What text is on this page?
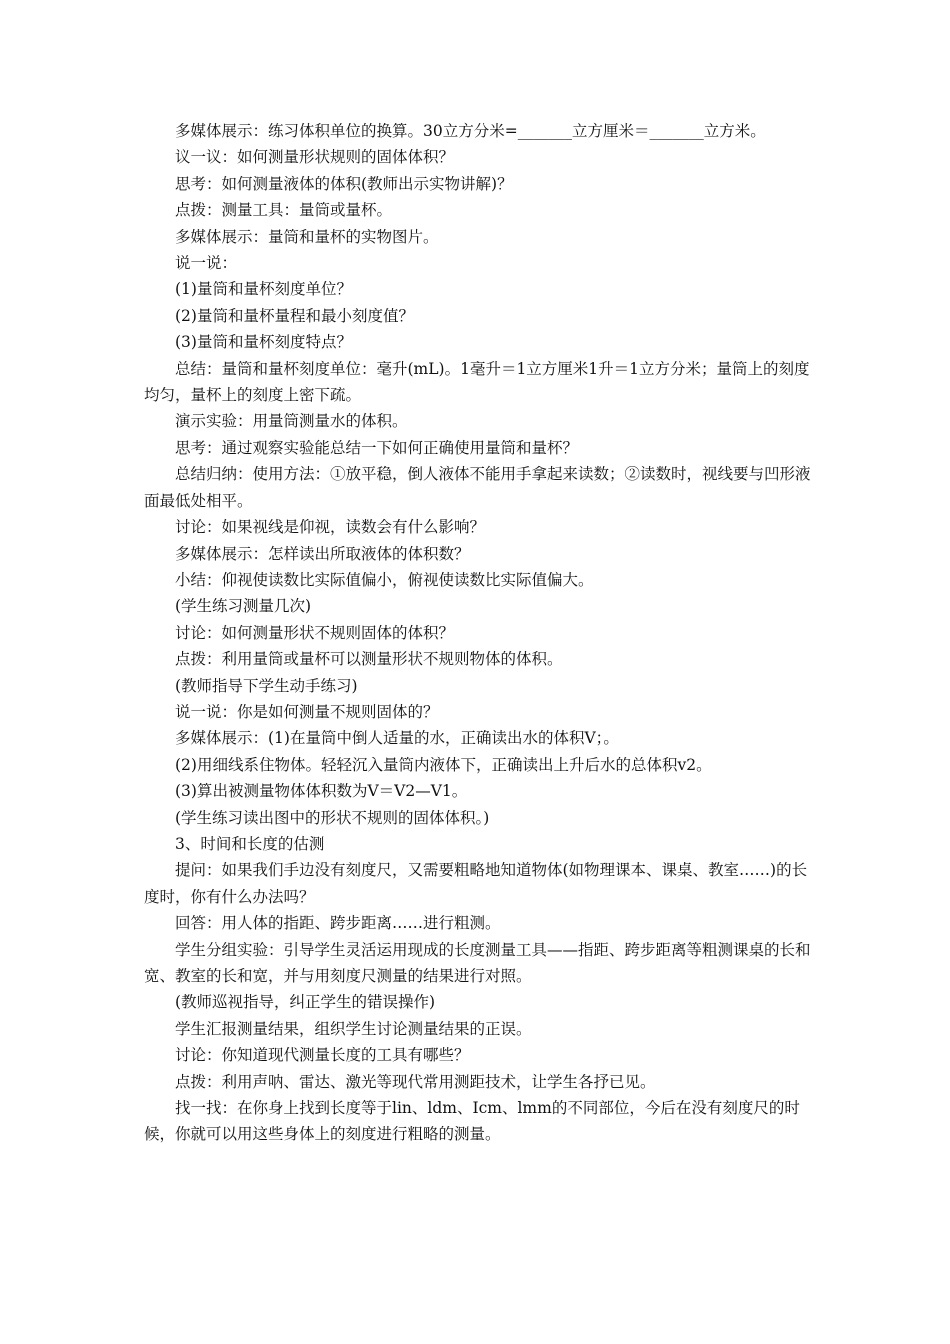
多媒体展示：练习体积单位的换算。30立方分米=_______立方厘米＝_______立方米。

议一议：如何测量形状规则的固体体积？

思考：如何测量液体的体积(教师出示实物讲解)？

点拨：测量工具：量筒或量杯。

多媒体展示：量筒和量杯的实物图片。

说一说：

(1)量筒和量杯刻度单位？

(2)量筒和量杯量程和最小刻度值？

(3)量筒和量杯刻度特点？

总结：量筒和量杯刻度单位：毫升(mL)。1毫升＝1立方厘米1升＝1立方分米；量筒上的刻度均匀，量杯上的刻度上密下疏。

演示实验：用量筒测量水的体积。

思考：通过观察实验能总结一下如何正确使用量筒和量杯？

总结归纳：使用方法：①放平稳，倒人液体不能用手拿起来读数；②读数时，视线要与凹形液面最低处相平。

讨论：如果视线是仰视，读数会有什么影响？

多媒体展示：怎样读出所取液体的体积数？

小结：仰视使读数比实际值偏小，俯视使读数比实际值偏大。

(学生练习测量几次)

讨论：如何测量形状不规则固体的体积？

点拨：利用量筒或量杯可以测量形状不规则物体的体积。

(教师指导下学生动手练习)

说一说：你是如何测量不规则固体的？

多媒体展示：(1)在量筒中倒人适量的水，正确读出水的体积V；。

(2)用细线系住物体。轻轻沉入量筒内液体下，正确读出上升后水的总体积v2。

(3)算出被测量物体体积数为V＝V2—V1。

(学生练习读出图中的形状不规则的固体体积。)

3、时间和长度的估测

提问：如果我们手边没有刻度尺，又需要粗略地知道物体(如物理课本、课桌、教室……)的长度时，你有什么办法吗？

回答：用人体的指距、跨步距离……进行粗测。

学生分组实验：引导学生灵活运用现成的长度测量工具——指距、跨步距离等粗测课桌的长和宽、教室的长和宽，并与用刻度尺测量的结果进行对照。

(教师巡视指导，纠正学生的错误操作)

学生汇报测量结果，组织学生讨论测量结果的正误。

讨论：你知道现代测量长度的工具有哪些？

点拨：利用声呐、雷达、激光等现代常用测距技术，让学生各抒已见。

找一找：在你身上找到长度等于lin、ldm、Icm、lmm的不同部位，今后在没有刻度尺的时候，你就可以用这些身体上的刻度进行粗略的测量。
